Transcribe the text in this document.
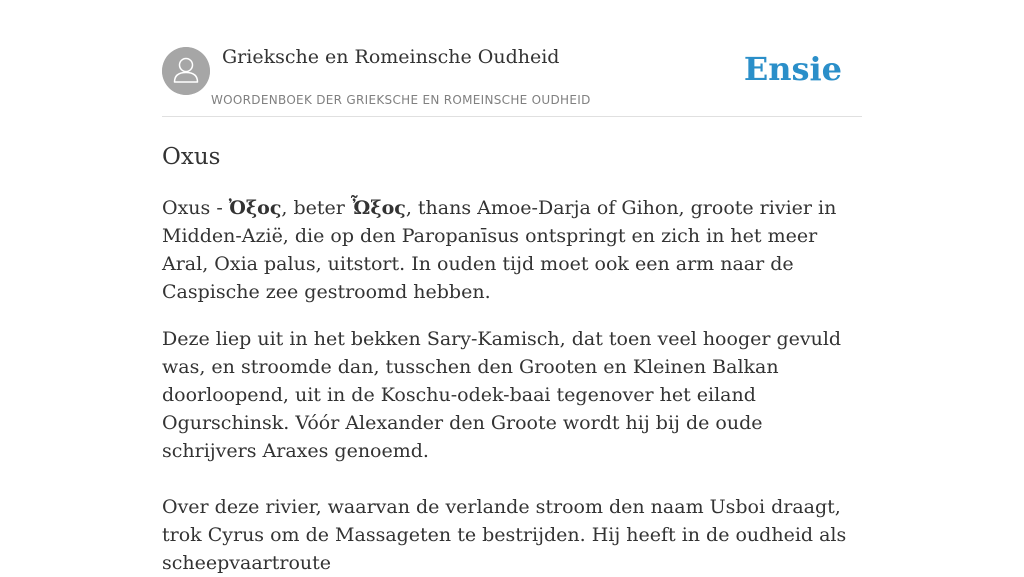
Grieksche en Romeinsche Oudheid
WOORDENBOEK DER GRIEKSCHE EN ROMEINSCHE OUDHEID
Ensie
Oxus

Oxus - Ὀξος, beter Ὦξος, thans Amoe-Darja of Gihon, groote rivier in Midden-Azië, die op den Paropanīsus ontspringt en zich in het meer Aral, Oxia palus, uitstort. In ouden tijd moet ook een arm naar de Caspische zee gestroomd hebben.

Deze liep uit in het bekken Sary-Kamisch, dat toen veel hooger gevuld was, en stroomde dan, tusschen den Grooten en Kleinen Balkan doorloopend, uit in de Koschu-odek-baai tegenover het eiland Ogurschinsk. Vóór Alexander den Groote wordt hij bij de oude schrijvers Araxes genoemd.

Over deze rivier, waarvan de verlande stroom den naam Usboi draagt, trok Cyrus om de Massageten te bestrijden. Hij heeft in de oudheid als scheepvaartroute
